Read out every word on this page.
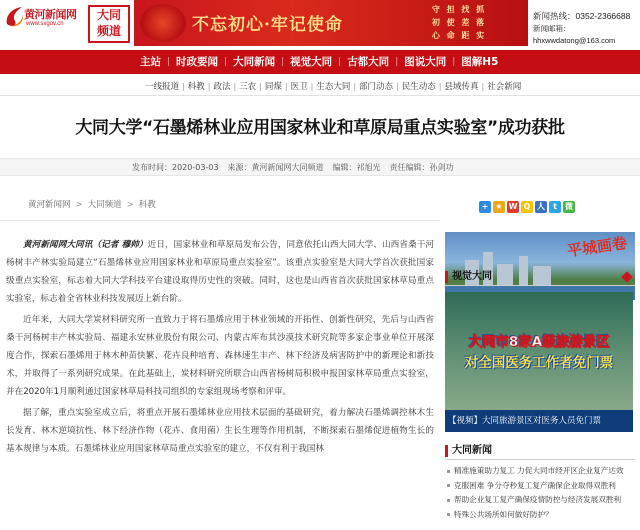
黄河新闻网
www.sxgov.cn
大同
频道	不忘初心·牢记使命
守 担 找 抓
初 使 差 落
心 命 距 实
新闻热线：0352-2366688
新闻邮箱：
hhxwwdatong@163.com
主站 | 时政要闻 | 大同新闻 | 视觉大同 | 古都大同 | 图说大同 | 图解H5
一线报道 | 科教 | 政法 | 三农 | 同煤 | 医卫 | 生态大同 | 部门动态 | 民生动态 | 县域传真 | 社会新闻
大同大学“石墨烯林业应用国家林业和草原局重点实验室”成功获批
发布时间：2020-03-03 来源：黄河新闻网大同频道 编辑：祁旭光 责任编辑：孙剑功
黄河新闻网 > 大同频道 > 科教	+ ★ W Q 人	t	微

黄河新闻网大同讯（记者 穆帅）近日，国家林业和草原局发布公告，同意依托山西大同大学、山西省桑干河杨树丰产林实验局建立“石墨烯林业应用国家林业和草原局重点实验室”。该重点实验室是大同大学首次获批国家级重点实验室，标志着大同大学科技平台建设取得历史性的突破。同时，这也是山西省首次获批国家林草局重点实验室，标志着全省林业科技发展迈上新台阶。

近年来，大同大学炭材料研究所一直致力于将石墨烯应用于林业领域的开拓性、创新性研究，先后与山西省桑干河杨树丰产林实验局、福建永安林业股份有限公司、内蒙古库布其沙漠技术研究院等多家企事业单位开展深度合作，探索石墨烯用于林木种苗快繁、花卉良种培育、森林速生丰产、林下经济及病害防护中的新理论和新技术，并取得了一系列研究成果。在此基础上，炭材料研究所联合山西省杨树局积极申报国家林草局重点实验室，并在2020年1月顺利通过国家林草局科技司组织的专家组现场考察和评审。

据了解，重点实验室成立后，将重点开展石墨烯林业应用技术层面的基础研究，着力解决石墨烯调控林木生长发育、林木逆境抗性、林下经济作物（花卉、食用菌）生长生理等作用机制，不断探索石墨烯促进植物生长的基本规律与本质。石墨烯林业应用国家林草局重点实验室的建立，不仅有利于我国林

平城画卷
视觉大同
大同市8家A级旅游景区
对全国医务工作者免门票
【视频】大同旅游景区对医务人员免门票
大同新闻
精准施策助力复工 力促大同市经开区企业复产达效
克服困难 争分夺秒复工复产确保企业取得双胜利
帮助企业复工复产确保疫情防控与经济发展双胜利
特殊公共场所如何做好防护？
